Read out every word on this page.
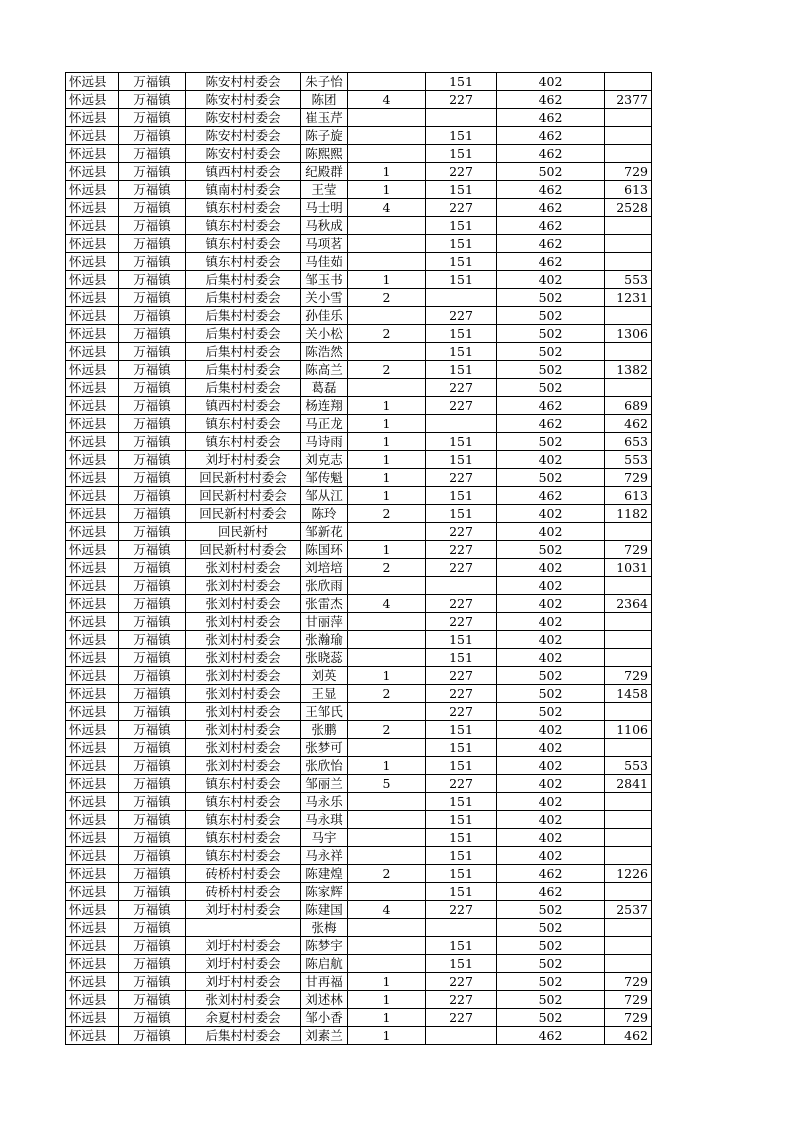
怀远县	万福镇	陈安村村委会	朱子怡		151	402	
怀远县	万福镇	陈安村村委会	陈团	4	227	462	2377
怀远县	万福镇	陈安村村委会	崔玉芹			462	
怀远县	万福镇	陈安村村委会	陈子旋		151	462	
怀远县	万福镇	陈安村村委会	陈熙熙		151	462	
怀远县	万福镇	镇西村村委会	纪殿群	1	227	502	729
怀远县	万福镇	镇南村村委会	王莹	1	151	462	613
怀远县	万福镇	镇东村村委会	马士明	4	227	462	2528
怀远县	万福镇	镇东村村委会	马秋成		151	462	
怀远县	万福镇	镇东村村委会	马项茗		151	462	
怀远县	万福镇	镇东村村委会	马佳茹		151	462	
怀远县	万福镇	后集村村委会	邹玉书	1	151	402	553
怀远县	万福镇	后集村村委会	关小雪	2		502	1231
怀远县	万福镇	后集村村委会	孙佳乐		227	502	
怀远县	万福镇	后集村村委会	关小松	2	151	502	1306
怀远县	万福镇	后集村村委会	陈浩然		151	502	
怀远县	万福镇	后集村村委会	陈高兰	2	151	502	1382
怀远县	万福镇	后集村村委会	葛磊		227	502	
怀远县	万福镇	镇西村村委会	杨连翔	1	227	462	689
怀远县	万福镇	镇东村村委会	马正龙	1		462	462
怀远县	万福镇	镇东村村委会	马诗雨	1	151	502	653
怀远县	万福镇	刘圩村村委会	刘克志	1	151	402	553
怀远县	万福镇	回民新村村委会	邹传魁	1	227	502	729
怀远县	万福镇	回民新村村委会	邹从江	1	151	462	613
怀远县	万福镇	回民新村村委会	陈玲	2	151	402	1182
怀远县	万福镇	回民新村	邹新花		227	402	
怀远县	万福镇	回民新村村委会	陈国环	1	227	502	729
怀远县	万福镇	张刘村村委会	刘培培	2	227	402	1031
怀远县	万福镇	张刘村村委会	张欣雨			402	
怀远县	万福镇	张刘村村委会	张雷杰	4	227	402	2364
怀远县	万福镇	张刘村村委会	甘丽萍		227	402	
怀远县	万福镇	张刘村村委会	张瀚瑜		151	402	
怀远县	万福镇	张刘村村委会	张晓蕊		151	402	
怀远县	万福镇	张刘村村委会	刘英	1	227	502	729
怀远县	万福镇	张刘村村委会	王显	2	227	502	1458
怀远县	万福镇	张刘村村委会	王邹氏		227	502	
怀远县	万福镇	张刘村村委会	张鹏	2	151	402	1106
怀远县	万福镇	张刘村村委会	张梦可		151	402	
怀远县	万福镇	张刘村村委会	张欣怡	1	151	402	553
怀远县	万福镇	镇东村村委会	邹丽兰	5	227	402	2841
怀远县	万福镇	镇东村村委会	马永乐		151	402	
怀远县	万福镇	镇东村村委会	马永琪		151	402	
怀远县	万福镇	镇东村村委会	马宇		151	402	
怀远县	万福镇	镇东村村委会	马永祥		151	402	
怀远县	万福镇	砖桥村村委会	陈建煌	2	151	462	1226
怀远县	万福镇	砖桥村村委会	陈家辉		151	462	
怀远县	万福镇	刘圩村村委会	陈建国	4	227	502	2537
怀远县	万福镇		张梅			502	
怀远县	万福镇	刘圩村村委会	陈梦宇		151	502	
怀远县	万福镇	刘圩村村委会	陈启航		151	502	
怀远县	万福镇	刘圩村村委会	甘再福	1	227	502	729
怀远县	万福镇	张刘村村委会	刘述林	1	227	502	729
怀远县	万福镇	余夏村村委会	邹小香	1	227	502	729
怀远县	万福镇	后集村村委会	刘素兰	1		462	462
